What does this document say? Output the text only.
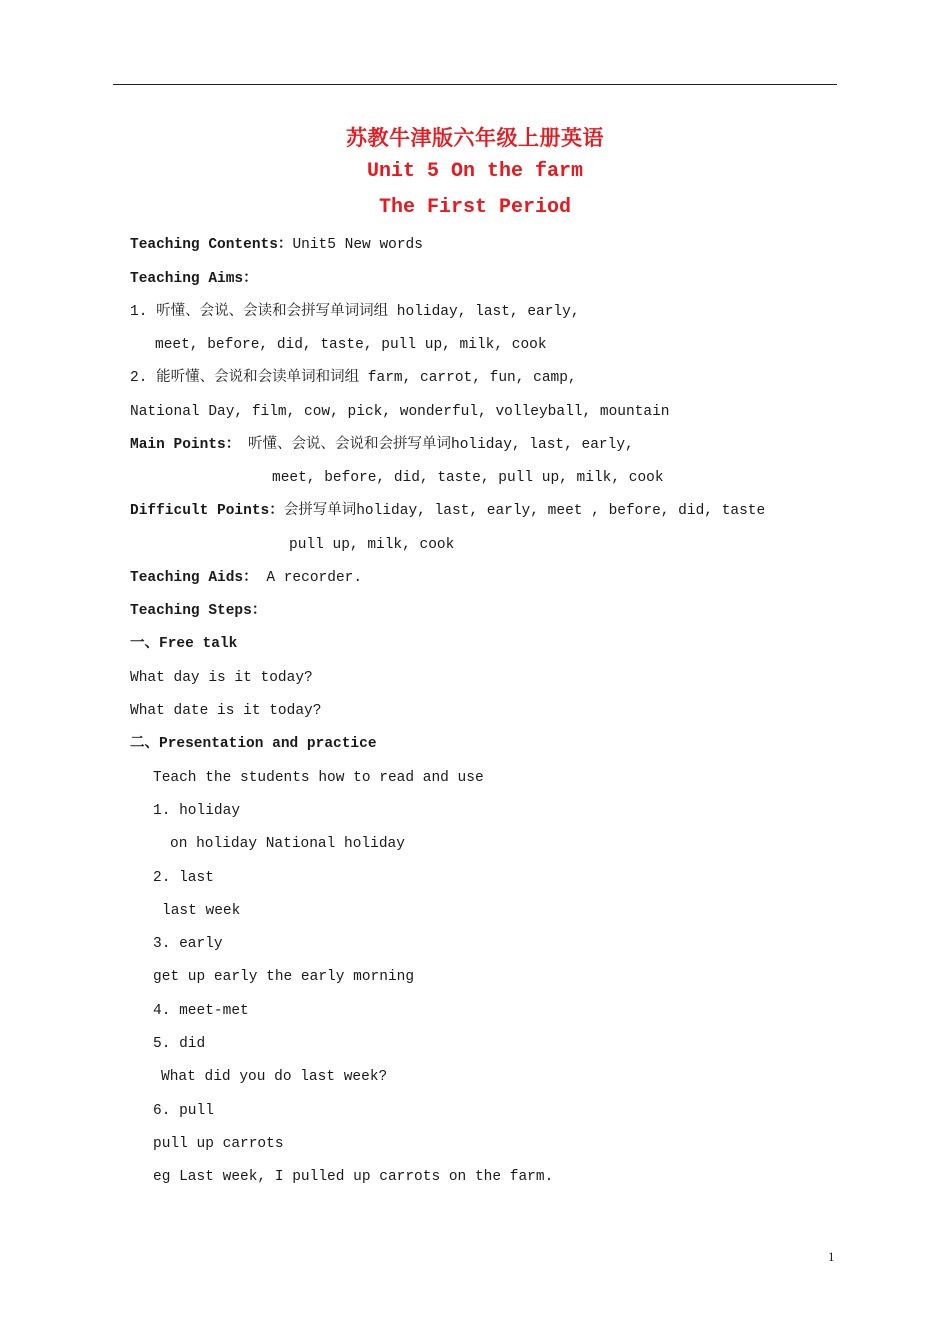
苏教牛津版六年级上册英语
Unit 5 On the farm
The First Period
Teaching Contents：Unit5 New words
Teaching Aims：
1. 听懂、会说、会读和会拼写单词词组 holiday, last, early,
meet, before, did, taste, pull up, milk, cook
2. 能听懂、会说和会读单词和词组 farm, carrot, fun, camp,
National Day, film, cow, pick, wonderful, volleyball, mountain
Main Points： 听懂、会说、会说和会拼写单词holiday, last, early,
meet, before, did, taste, pull up, milk, cook
Difficult Points：会拼写单词holiday, last, early, meet , before, did, taste
pull up, milk, cook
Teaching Aids： A recorder.
Teaching Steps：
一、Free talk
What day is it today?
What date is it today?
二、Presentation and practice
Teach the students how to read and use
1. holiday
on holiday National holiday
2. last
last week
3. early
get up early the early morning
4. meet-met
5. did
What did you do last week?
6. pull
pull up carrots
eg Last week, I pulled up carrots on the farm.
1
